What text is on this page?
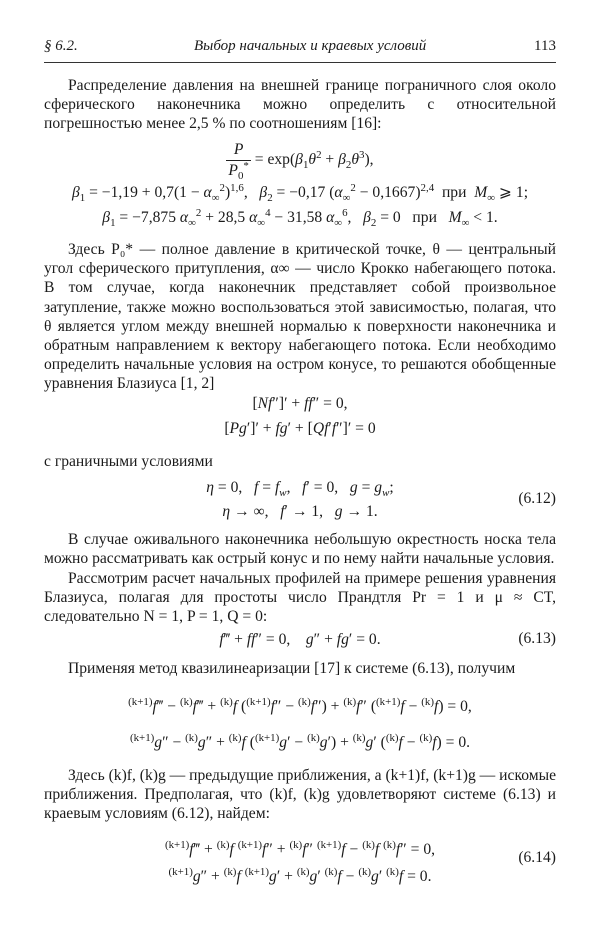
§ 6.2.	Выбор начальных и краевых условий	113
Распределение давления на внешней границе пограничного слоя около сферического наконечника можно определить с относительной погрешностью менее 2,5 % по соотношениям [16]:
$\frac{P}{P_0^*} = \exp(\beta_1\theta^2 + \beta_2\theta^3)$,
$\beta_1 = -1,19 + 0,7(1 - \alpha_\infty^2)^{1,6}$,   $\beta_2 = -0,17$ $(\alpha_\infty^2 - 0,1667)^{2,4}$  при  $M_\infty$ ⩾ 1;
$\beta_1 = -7,875$ $\alpha_\infty^2 + 28,5$ $\alpha_\infty^4 - 31,58$ $\alpha_\infty^6$,   $\beta_2 = 0$   при   $M_\infty < 1$.
Здесь P₀* — полное давление в критической точке, θ — центральный угол сферического притупления, α∞ — число Крокко набегающего потока. В том случае, когда наконечник представляет собой произвольное затупление, также можно воспользоваться этой зависимостью, полагая, что θ является углом между внешней нормалью к поверхности наконечника и обратным направлением к вектору набегающего потока. Если необходимо определить начальные условия на остром конусе, то решаются обобщенные уравнения Блазиуса [1, 2]
[Nf″]′ + ff″ = 0,
[Pg′]′ + fg′ + [Qf′f″]′ = 0
с граничными условиями
η = 0,   $f = f_w$,   f′ = 0,   $g = g_w$;
η → ∞,   f′ → 1,   g → 1.
(6.12)
В случае оживального наконечника небольшую окрестность носка тела можно рассматривать как острый конус и по нему найти начальные условия.
Рассмотрим расчет начальных профилей на примере решения уравнения Блазиуса, полагая для простоты число Прандтля Pr = 1 и μ ≈ CT, следовательно N = 1, P = 1, Q = 0:
f‴ + ff″ = 0,    g″ + fg′ = 0.	(6.13)
Применяя метод квазилинеаризации [17] к системе (6.13), получим
$^{(k+1)}$f‴ − $^{(k)}$f‴ + $^{(k)}$f ($^{(k+1)}$f″ − $^{(k)}$f″) + $^{(k)}$f″ ($^{(k+1)}$f − $^{(k)}$f) = 0,
$^{(k+1)}$g″ − $^{(k)}$g″ + $^{(k)}$f ($^{(k+1)}$g′ − $^{(k)}$g′) + $^{(k)}$g′ ($^{(k)}$f − $^{(k)}$f) = 0.
Здесь (k)f, (k)g — предыдущие приближения, а (k+1)f, (k+1)g — искомые приближения. Предполагая, что (k)f, (k)g удовлетворяют системе (6.13) и краевым условиям (6.12), найдем:
$^{(k+1)}$f‴ + $^{(k)}$f $^{(k+1)}$f″ + $^{(k)}$f″ $^{(k+1)}$f − $^{(k)}$f $^{(k)}$f″ = 0,
$^{(k+1)}$g″ + $^{(k)}$f $^{(k+1)}$g′ + $^{(k)}$g′ $^{(k)}$f − $^{(k)}$g′ $^{(k)}$f = 0.
(6.14)
